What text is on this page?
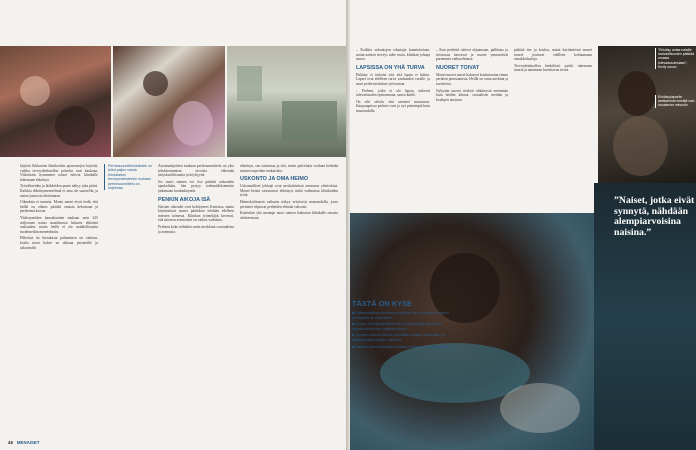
käyttää liikkuvien klinikoiden ajoneuvojen käyttöä, vaikka terveydenhuollon palvelut ovat kaukana. Viikoittain kymmenet naiset tulevat klinikalle hakemaan ehkäisyä.

Työvälineiden ja lääkkeiden puute näkyy joka päivä. Kaikkia ehkäisymenetelmiä ei aina ole saatavilla, ja naiset joutuvat odottamaan.

Oikeuksia ei tunneta. Monet naiset eivät tiedä, että heillä on oikeus päättää omasta kehostaan ja perheensä koosta.

Yhdistyneiden kansakuntien mukaan noin 225 miljoonaa naista maailmassa haluaisi ehkäistä raskauden, mutta heillä ei ole mahdollisuutta moderneihin menetelmiin.

Pilleristä tai kierukasta puhuminen on vaikeaa, koska moni kokee ne uhkana perinteille ja uskonnolle.

Perhesuunnittelulinikalle on tullut paljon naisia. Kenialaiset terveysministeriön mukaan perhesuunnittelu on ohjelmaa.

Asiantuntijoiden mukaan perhesuunnittelu on yksi tehokkaimmista tavoista vähentää äitiyskuolleisuutta ja köyhyyttä.

Jos nuori nainen voi itse päättää raskauden ajankohdan, hän pystyy todennäköisemmin jatkamaan koulunkäyntiä.

PENKIN AIKOJA ISÄ

Naisten oikeudet ovat kehittyneet Keniassa, mutta käytännössä monet päätökset tehdään edelleen miesten toimesta. Klinikan työntekijät kertovat, että miesten asenteisiin on vaikea vaikuttaa.

Perheen koko nähdään usein merkkinä vauraudesta ja asemasta.

ehkäisyn, sen toimintaa ja sitä, miten palveluita voidaan kehittää naisten tarpeiden mukaisiksi.

USKONTO JA OMA HEIMO

Uskonnolliset johtajat ovat merkittävässä asemassa yhteisöissä. Monet heistä vastustavat ehkäisyä, mikä vaikeuttaa klinikoiden työtä.

Heimokulttuurin vaikutus näkyy erityisesti maaseudulla, jossa perinteet ohjaavat perheiden elämää vahvasti.

Kuitenkin yhä useampi nuori nainen hakeutuu klinikalle omasta aloitteestaan.

46 MENAISET

– Kaikkia uskontojen edustajia kunnioitetaan, mutta naisten terveys tulee ensin, klinikan johtaja sanoo.

LAPSISSA ON YHÄ TURVA

Ehkäisy ei tarkoita sitä, että lapsia ei haluta. Lapset ovat edelleen turva vanhuuden varalle, ja suuri perhe merkitsee työvoimaa.

– Perheet, jotka ei ole lapsia, näkevät tulevaisuuden epävarmana, sanoo kätilö.

On silti selvää, että asenteet muuttuvat. Kaupungeissa perheet ovat jo nyt pienempiä kuin maaseudulla.

– Kun perheitä tulevat ohjaamaan, palkkaus ja tietoisuus kasvavat ja nuoret ymmärtävät paremmin vaihtoehtonsa.

NUORET TOIVAT

Monet nuoret naiset haluavat kouluttautua ennen perheen perustamista. Heillä on omia unelmia ja tavoitteita.

Nykyään nuoret tietävät ehkäisystä enemmän kuin heidän äitinsä, sosiaalisen median ja koulujen ansiosta.

päättää itse ja koulua, mutta käytännössä monet nuoret joutuvat edelleen kohtaamaan ennakkoluuloja.

Terveydenhuollon henkilöstö pyrkii tukemaan nuoria ja antamaan luotettavaa tietoa.

”Naiset, jotka eivät synnytä, nähdään alempiarvoisina naisina.”
”Ehkäisy antaa naisille mahdollisuuden päättää omasta tulevaisuudestaan”, Emily sanoo.
Ehkäisykapselin asettaminen kestää vain muutaman minuutin.
TÄSTÄ ON KYSE
■ Kansainvälinen perhesuunnittelun tuki on tärkeää naisten terveydelle ja oikeuksille.
■ Kenian terveysministeriö tekee yhteistyötä järjestöjen kanssa klinikoiden ylläpitämiseksi.
■ Suomen ulkoministeriö rahoittaa osaltaan seksuaali- ja lisääntymisterveyden ohjelmia.
■ Naisten oikeus päättää omasta kehostaan on ihmisoikeus.
47
